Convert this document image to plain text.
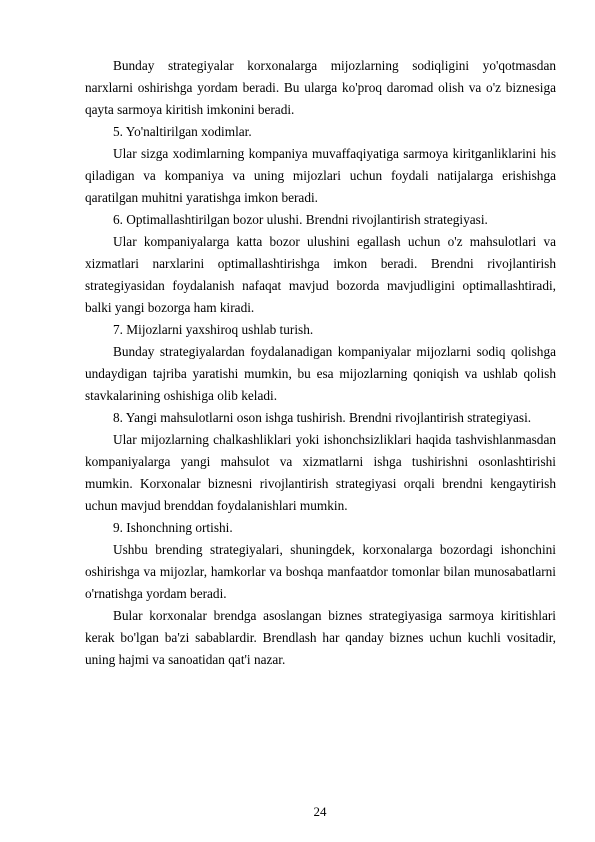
Bunday strategiyalar korxonalarga mijozlarning sodiqligini yo'qotmasdan narxlarni oshirishga yordam beradi. Bu ularga ko'proq daromad olish va o'z biznesiga qayta sarmoya kiritish imkonini beradi.

5. Yo'naltirilgan xodimlar.

Ular sizga xodimlarning kompaniya muvaffaqiyatiga sarmoya kiritganliklarini his qiladigan va kompaniya va uning mijozlari uchun foydali natijalarga erishishga qaratilgan muhitni yaratishga imkon beradi.

6. Optimallashtirilgan bozor ulushi. Brendni rivojlantirish strategiyasi.

Ular kompaniyalarga katta bozor ulushini egallash uchun o'z mahsulotlari va xizmatlari narxlarini optimallashtirishga imkon beradi. Brendni rivojlantirish strategiyasidan foydalanish nafaqat mavjud bozorda mavjudligini optimallashtiradi, balki yangi bozorga ham kiradi.

7. Mijozlarni yaxshiroq ushlab turish.

Bunday strategiyalardan foydalanadigan kompaniyalar mijozlarni sodiq qolishga undaydigan tajriba yaratishi mumkin, bu esa mijozlarning qoniqish va ushlab qolish stavkalarining oshishiga olib keladi.

8. Yangi mahsulotlarni oson ishga tushirish. Brendni rivojlantirish strategiyasi.

Ular mijozlarning chalkashliklari yoki ishonchsizliklari haqida tashvishlanmasdan kompaniyalarga yangi mahsulot va xizmatlarni ishga tushirishni osonlashtirishi mumkin. Korxonalar biznesni rivojlantirish strategiyasi orqali brendni kengaytirish uchun mavjud brenddan foydalanishlari mumkin.

9. Ishonchning ortishi.

Ushbu brending strategiyalari, shuningdek, korxonalarga bozordagi ishonchini oshirishga va mijozlar, hamkorlar va boshqa manfaatdor tomonlar bilan munosabatlarni o'rnatishga yordam beradi.

Bular korxonalar brendga asoslangan biznes strategiyasiga sarmoya kiritishlari kerak bo'lgan ba'zi sabablardir. Brendlash har qanday biznes uchun kuchli vositadir, uning hajmi va sanoatidan qat'i nazar.

24
